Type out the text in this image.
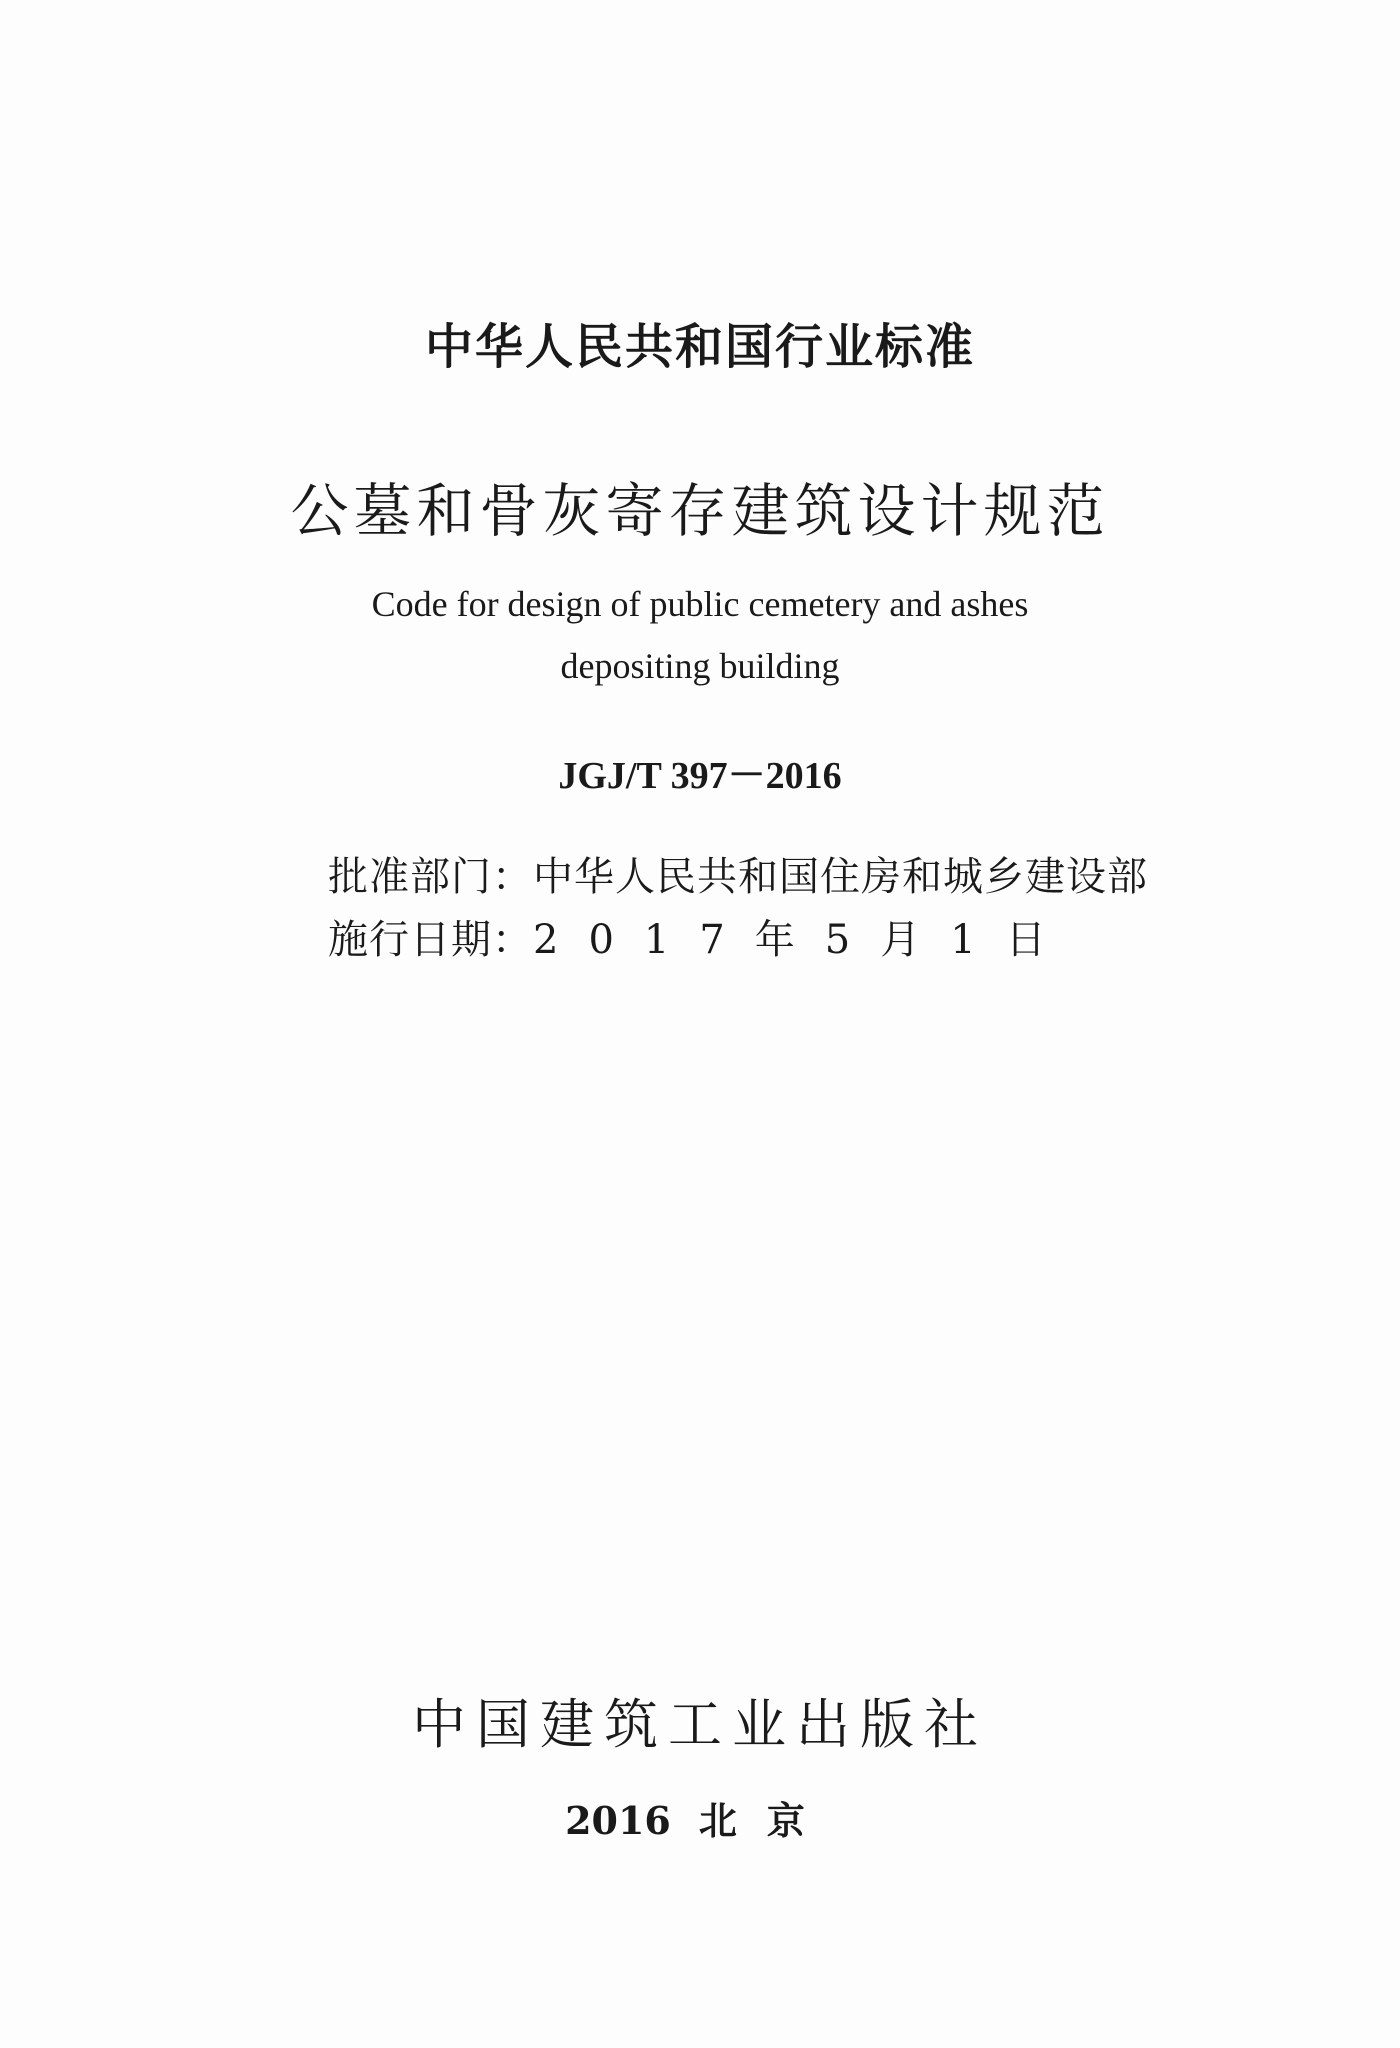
中华人民共和国行业标准
公墓和骨灰寄存建筑设计规范
Code for design of public cemetery and ashes
depositing building
JGJ/T 397－2016
批准部门：中华人民共和国住房和城乡建设部
施行日期：2017年5月1日
中国建筑工业出版社
2016 北京
